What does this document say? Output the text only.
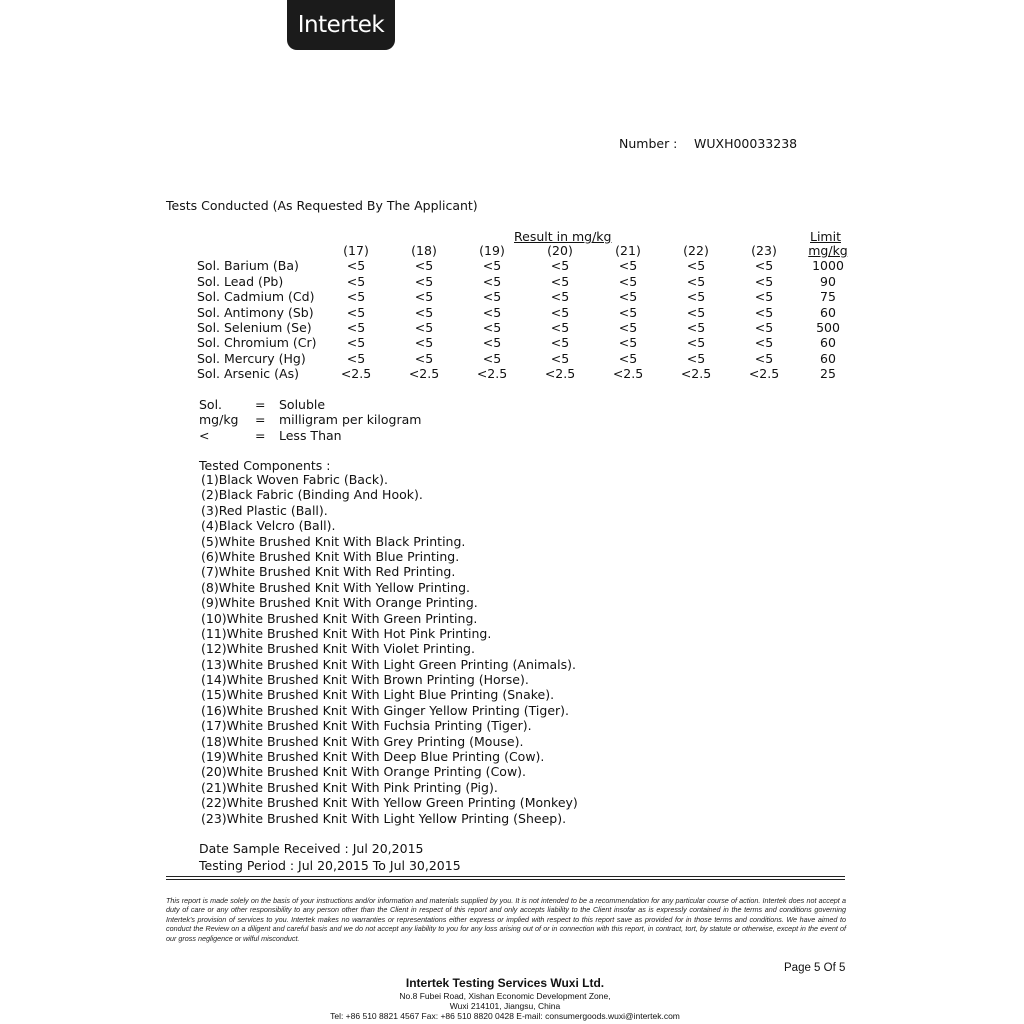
Intertek
Number : WUXH00033238
Tests Conducted (As Requested By The Applicant)
Result in mg/kg	Limit
	(17)	(18)	(19)	(20)	(21)	(22)	(23)	mg/kg
Sol. Barium (Ba)	<5	<5	<5	<5	<5	<5	<5	1000
Sol. Lead (Pb)	<5	<5	<5	<5	<5	<5	<5	90
Sol. Cadmium (Cd)	<5	<5	<5	<5	<5	<5	<5	75
Sol. Antimony (Sb)	<5	<5	<5	<5	<5	<5	<5	60
Sol. Selenium (Se)	<5	<5	<5	<5	<5	<5	<5	500
Sol. Chromium (Cr)	<5	<5	<5	<5	<5	<5	<5	60
Sol. Mercury (Hg)	<5	<5	<5	<5	<5	<5	<5	60
Sol. Arsenic (As)	<2.5	<2.5	<2.5	<2.5	<2.5	<2.5	<2.5	25
Sol.	= Soluble
mg/kg = milligram per kilogram
<	= Less Than
Tested Components :
(1)Black Woven Fabric (Back).
(2)Black Fabric (Binding And Hook).
(3)Red Plastic (Ball).
(4)Black Velcro (Ball).
(5)White Brushed Knit With Black Printing.
(6)White Brushed Knit With Blue Printing.
(7)White Brushed Knit With Red Printing.
(8)White Brushed Knit With Yellow Printing.
(9)White Brushed Knit With Orange Printing.
(10)White Brushed Knit With Green Printing.
(11)White Brushed Knit With Hot Pink Printing.
(12)White Brushed Knit With Violet Printing.
(13)White Brushed Knit With Light Green Printing (Animals).
(14)White Brushed Knit With Brown Printing (Horse).
(15)White Brushed Knit With Light Blue Printing (Snake).
(16)White Brushed Knit With Ginger Yellow Printing (Tiger).
(17)White Brushed Knit With Fuchsia Printing (Tiger).
(18)White Brushed Knit With Grey Printing (Mouse).
(19)White Brushed Knit With Deep Blue Printing (Cow).
(20)White Brushed Knit With Orange Printing (Cow).
(21)White Brushed Knit With Pink Printing (Pig).
(22)White Brushed Knit With Yellow Green Printing (Monkey)
(23)White Brushed Knit With Light Yellow Printing (Sheep).
Date Sample Received : Jul 20,2015
Testing Period : Jul 20,2015 To Jul 30,2015
This report is made solely on the basis of your instructions and/or information and materials supplied by you. It is not intended to be a recommendation for any particular course of action. Intertek does not accept a duty of care or any other responsibility to any person other than the Client in respect of this report and only accepts liability to the Client insofar as is expressly contained in the terms and conditions governing Intertek's provision of services to you. Intertek makes no warranties or representations either express or implied with respect to this report save as provided for in those terms and conditions. We have aimed to conduct the Review on a diligent and careful basis and we do not accept any liability to you for any loss arising out of or in connection with this report, in contract, tort, by statute or otherwise, except in the event of our gross negligence or wilful misconduct.
Page 5 Of 5
Intertek Testing Services Wuxi Ltd.
No.8 Fubei Road, Xishan Economic Development Zone,
Wuxi 214101, Jiangsu, China
Tel: +86 510 8821 4567 Fax: +86 510 8820 0428 E-mail: consumergoods.wuxi@intertek.com
